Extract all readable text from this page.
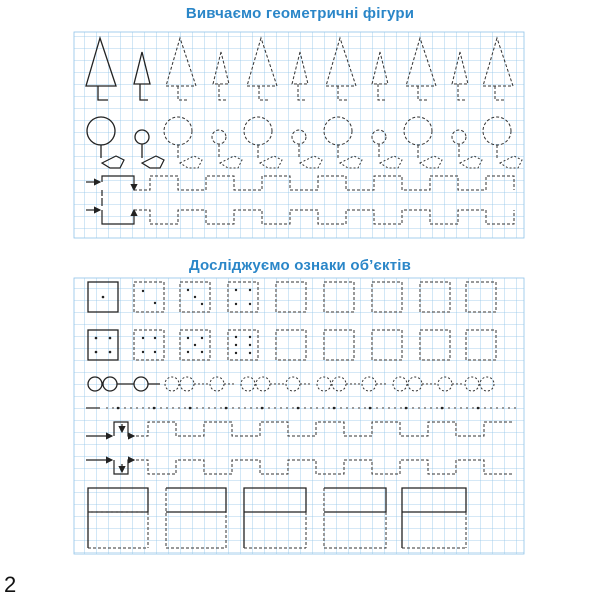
Вивчаємо геометричні фігури
Досліджуємо ознаки об’єктів
2
